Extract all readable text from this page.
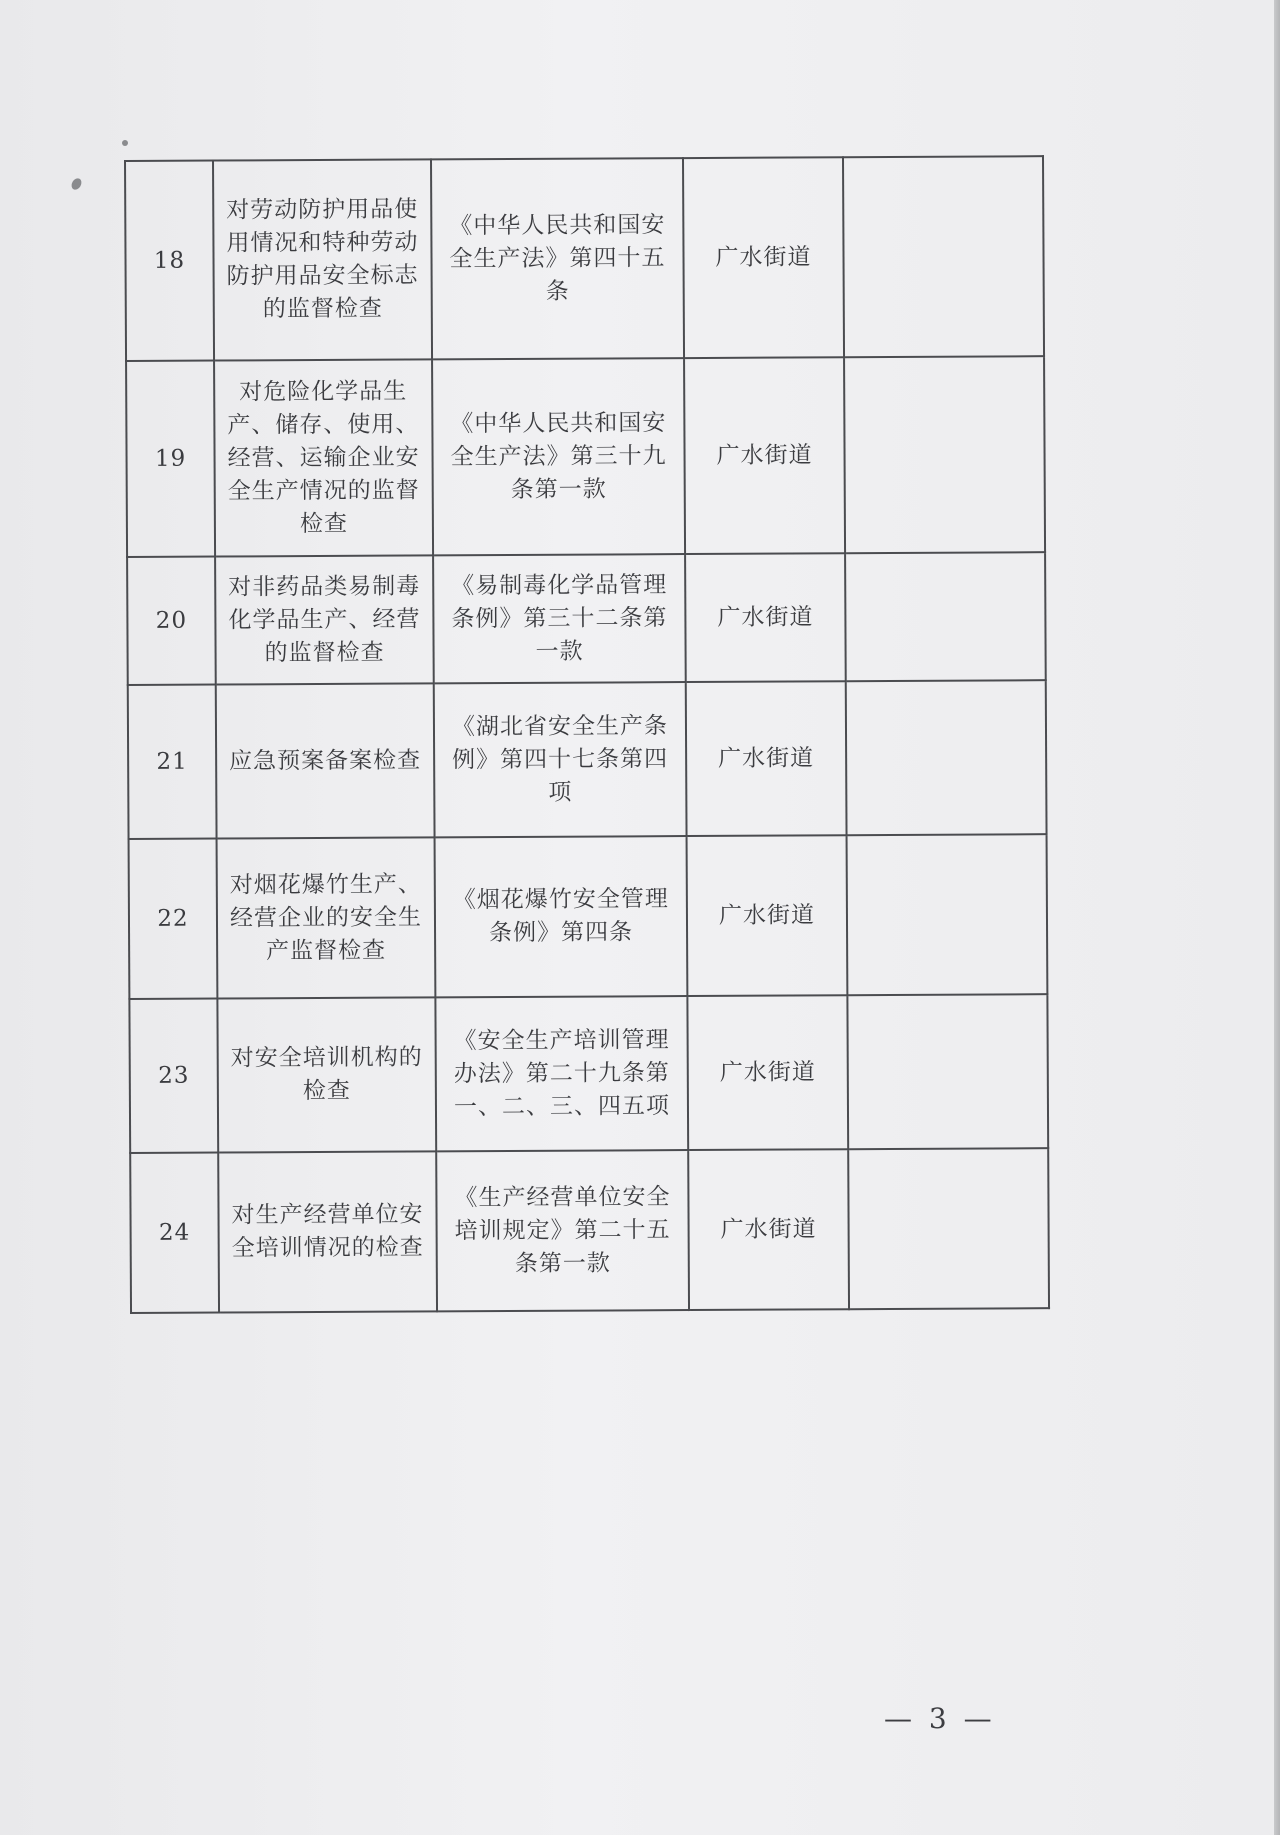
18	对劳动防护用品使用情况和特种劳动防护用品安全标志的监督检查	《中华人民共和国安全生产法》第四十五条	广水街道	
19	对危险化学品生产、储存、使用、经营、运输企业安全生产情况的监督检查	《中华人民共和国安全生产法》第三十九条第一款	广水街道	
20	对非药品类易制毒化学品生产、经营的监督检查	《易制毒化学品管理条例》第三十二条第一款	广水街道	
21	应急预案备案检查	《湖北省安全生产条例》第四十七条第四项	广水街道	
22	对烟花爆竹生产、经营企业的安全生产监督检查	《烟花爆竹安全管理条例》第四条	广水街道	
23	对安全培训机构的检查	《安全生产培训管理办法》第二十九条第一、二、三、四五项	广水街道	
24	对生产经营单位安全培训情况的检查	《生产经营单位安全培训规定》第二十五条第一款	广水街道	
— 3 —
